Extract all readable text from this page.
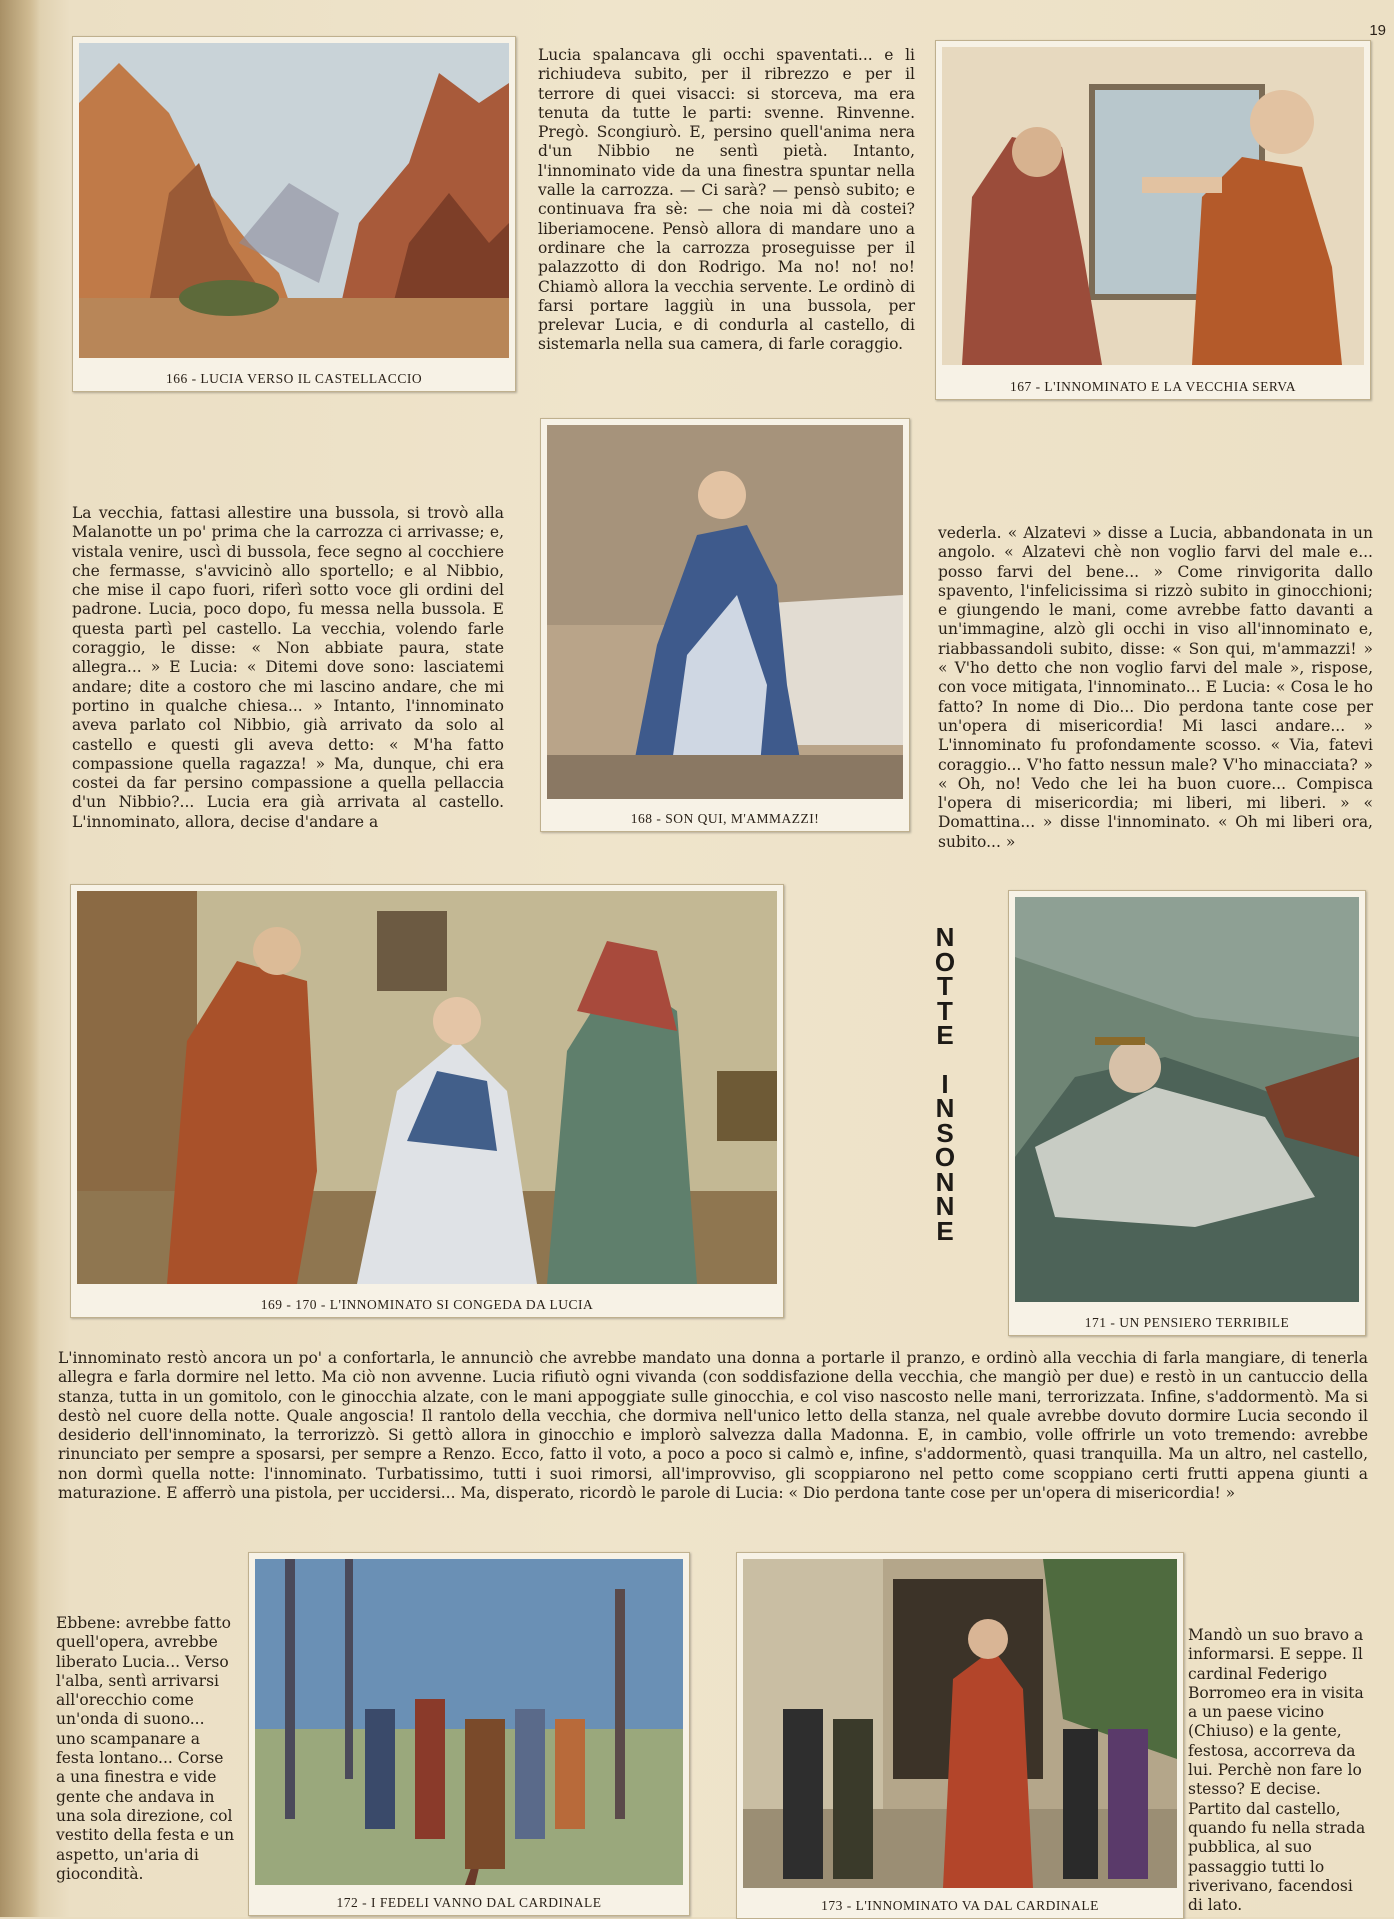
19
166 - LUCIA VERSO IL CASTELLACCIO

Lucia spalancava gli occhi spaventati... e li richiudeva subito, per il ribrezzo e per il terrore di quei visacci: si storceva, ma era tenuta da tutte le parti: svenne. Rinvenne. Pregò. Scongiurò. E, persino quell'anima nera d'un Nibbio ne sentì pietà. Intanto, l'innominato vide da una finestra spuntar nella valle la carrozza. — Ci sarà? — pensò subito; e continuava fra sè: — che noia mi dà costei? liberiamocene. Pensò allora di mandare uno a ordinare che la carrozza proseguisse per il palazzotto di don Rodrigo. Ma no! no! no! Chiamò allora la vecchia servente. Le ordinò di farsi portare laggiù in una bussola, per prelevar Lucia, e di condurla al castello, di sistemarla nella sua camera, di farle coraggio.

167 - L'INNOMINATO E LA VECCHIA SERVA

La vecchia, fattasi allestire una bussola, si trovò alla Malanotte un po' prima che la carrozza ci arrivasse; e, vistala venire, uscì di bussola, fece segno al cocchiere che fermasse, s'avvicinò allo sportello; e al Nibbio, che mise il capo fuori, riferì sotto voce gli ordini del padrone. Lucia, poco dopo, fu messa nella bussola. E questa partì pel castello. La vecchia, volendo farle coraggio, le disse: « Non abbiate paura, state allegra... » E Lucia: « Ditemi dove sono: lasciatemi andare; dite a costoro che mi lascino andare, che mi portino in qualche chiesa... » Intanto, l'innominato aveva parlato col Nibbio, già arrivato da solo al castello e questi gli aveva detto: « M'ha fatto compassione quella ragazza! » Ma, dunque, chi era costei da far persino compassione a quella pellaccia d'un Nibbio?... Lucia era già arrivata al castello. L'innominato, allora, decise d'andare a	168 - SON QUI, M'AMMAZZI!

vederla. « Alzatevi » disse a Lucia, abbandonata in un angolo. « Alzatevi chè non voglio farvi del male e... posso farvi del bene... » Come rinvigorita dallo spavento, l'infelicissima si rizzò subito in ginocchioni; e giungendo le mani, come avrebbe fatto davanti a un'immagine, alzò gli occhi in viso all'innominato e, riabbassandoli subito, disse: « Son qui, m'ammazzi! » « V'ho detto che non voglio farvi del male », rispose, con voce mitigata, l'innominato... E Lucia: « Cosa le ho fatto? In nome di Dio... Dio perdona tante cose per un'opera di misericordia! Mi lasci andare... » L'innominato fu profondamente scosso. « Via, fatevi coraggio... V'ho fatto nessun male? V'ho minacciata? » « Oh, no! Vedo che lei ha buon cuore... Compisca l'opera di misericordia; mi liberi, mi liberi. » « Domattina... » disse l'innominato. « Oh mi liberi ora, subito... »

169 - 170 - L'INNOMINATO SI CONGEDA DA LUCIA
N
O
T
T
E
I
N
S
O
N
N
E
171 - UN PENSIERO TERRIBILE

L'innominato restò ancora un po' a confortarla, le annunciò che avrebbe mandato una donna a portarle il pranzo, e ordinò alla vecchia di farla mangiare, di tenerla allegra e farla dormire nel letto. Ma ciò non avvenne. Lucia rifiutò ogni vivanda (con soddisfazione della vecchia, che mangiò per due) e restò in un cantuccio della stanza, tutta in un gomitolo, con le ginocchia alzate, con le mani appoggiate sulle ginocchia, e col viso nascosto nelle mani, terrorizzata. Infine, s'addormentò. Ma si destò nel cuore della notte. Quale angoscia! Il rantolo della vecchia, che dormiva nell'unico letto della stanza, nel quale avrebbe dovuto dormire Lucia secondo il desiderio dell'innominato, la terrorizzò. Si gettò allora in ginocchio e implorò salvezza dalla Madonna. E, in cambio, volle offrirle un voto tremendo: avrebbe rinunciato per sempre a sposarsi, per sempre a Renzo. Ecco, fatto il voto, a poco a poco si calmò e, infine, s'addormentò, quasi tranquilla. Ma un altro, nel castello, non dormì quella notte: l'innominato. Turbatissimo, tutti i suoi rimorsi, all'improvviso, gli scoppiarono nel petto come scoppiano certi frutti appena giunti a maturazione. E afferrò una pistola, per uccidersi... Ma, disperato, ricordò le parole di Lucia: « Dio perdona tante cose per un'opera di misericordia! »

Ebbene: avrebbe fatto quell'opera, avrebbe liberato Lucia... Verso l'alba, sentì arrivarsi all'orecchio come un'onda di suono... uno scampanare a festa lontano... Corse a una finestra e vide gente che andava in una sola direzione, col vestito della festa e un aspetto, un'aria di giocondità.

172 - I FEDELI VANNO DAL CARDINALE	173 - L'INNOMINATO VA DAL CARDINALE

Mandò un suo bravo a informarsi. E seppe. Il cardinal Federigo Borromeo era in visita a un paese vicino (Chiuso) e la gente, festosa, accorreva da lui. Perchè non fare lo stesso? E decise. Partito dal castello, quando fu nella strada pubblica, al suo passaggio tutti lo riverivano, facendosi di lato.
